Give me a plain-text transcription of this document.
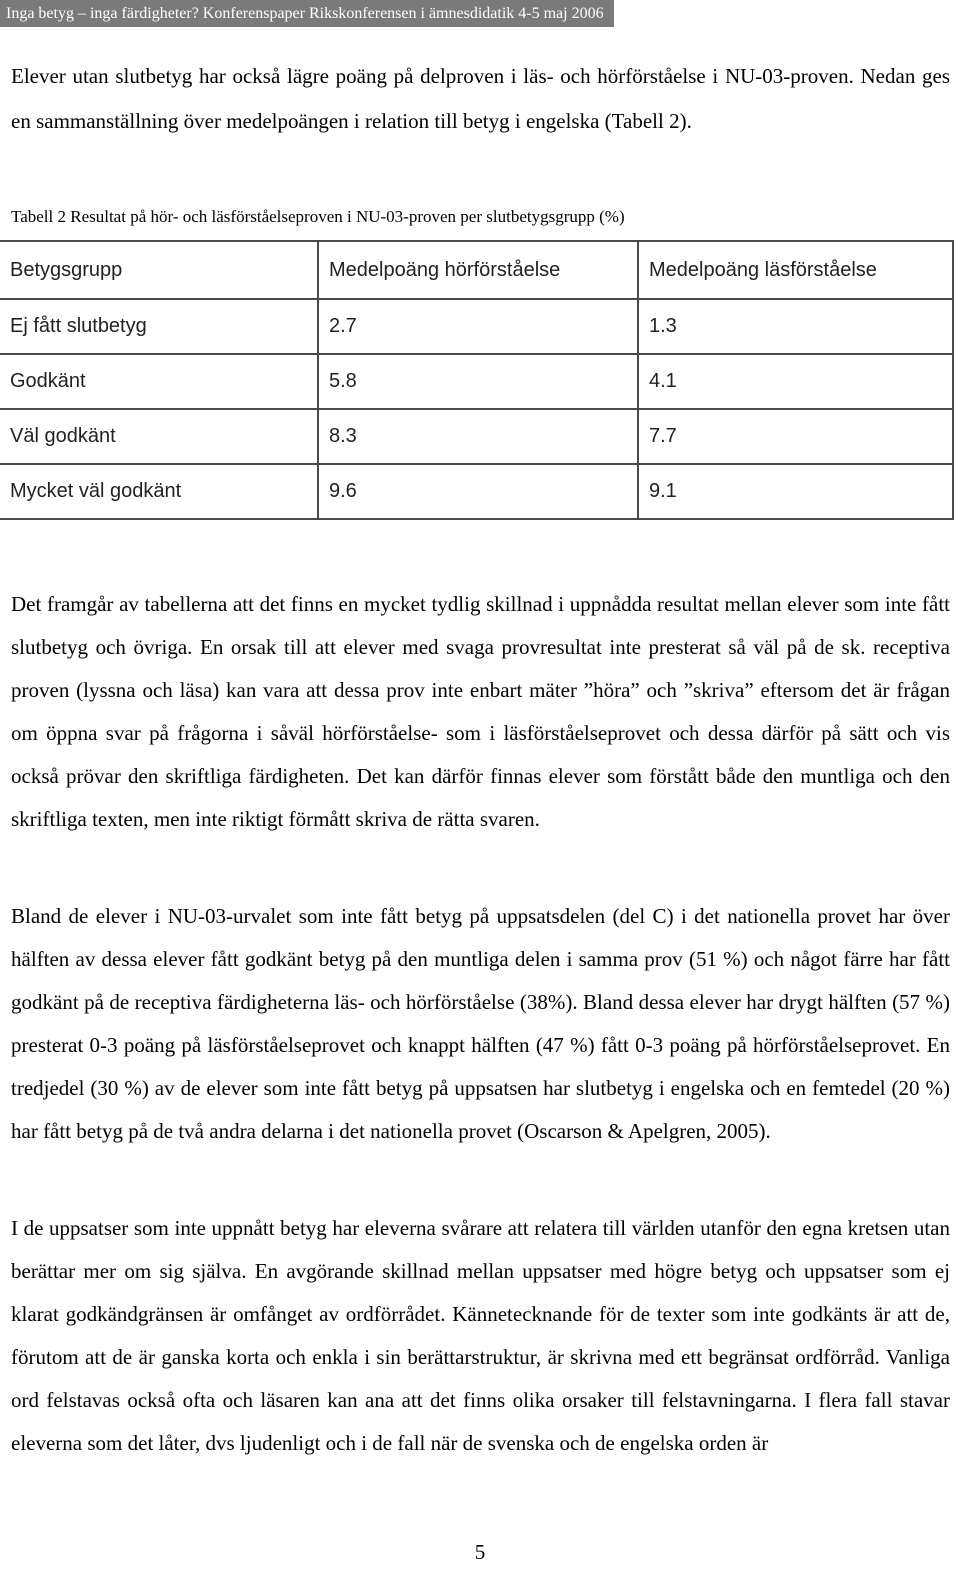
Inga betyg – inga färdigheter? Konferenspaper Rikskonferensen i ämnesdidatik 4-5 maj 2006

Elever utan slutbetyg har också lägre poäng på delproven i läs- och hörförståelse i NU-03-proven. Nedan ges en sammanställning över medelpoängen i relation till betyg i engelska (Tabell 2).

Tabell 2 Resultat på hör- och läsförståelseproven i NU-03-proven per slutbetygsgrupp (%)
Betygsgrupp	Medelpoäng hörförståelse	Medelpoäng läsförståelse
Ej fått slutbetyg	2.7	1.3
Godkänt	5.8	4.1
Väl godkänt	8.3	7.7
Mycket väl godkänt	9.6	9.1

Det framgår av tabellerna att det finns en mycket tydlig skillnad i uppnådda resultat mellan elever som inte fått slutbetyg och övriga. En orsak till att elever med svaga provresultat inte presterat så väl på de sk. receptiva proven (lyssna och läsa) kan vara att dessa prov inte enbart mäter ”höra” och ”skriva” eftersom det är frågan om öppna svar på frågorna i såväl hörförståelse- som i läsförståelseprovet och dessa därför på sätt och vis också prövar den skriftliga färdigheten. Det kan därför finnas elever som förstått både den muntliga och den skriftliga texten, men inte riktigt förmått skriva de rätta svaren.

Bland de elever i NU-03-urvalet som inte fått betyg på uppsatsdelen (del C) i det nationella provet har över hälften av dessa elever fått godkänt betyg på den muntliga delen i samma prov (51 %) och något färre har fått godkänt på de receptiva färdigheterna läs- och hörförståelse (38%). Bland dessa elever har drygt hälften (57 %) presterat 0-3 poäng på läsförståelseprovet och knappt hälften (47 %) fått 0-3 poäng på hörförståelseprovet. En tredjedel (30 %) av de elever som inte fått betyg på uppsatsen har slutbetyg i engelska och en femtedel (20 %) har fått betyg på de två andra delarna i det nationella provet (Oscarson & Apelgren, 2005).

I de uppsatser som inte uppnått betyg har eleverna svårare att relatera till världen utanför den egna kretsen utan berättar mer om sig själva. En avgörande skillnad mellan uppsatser med högre betyg och uppsatser som ej klarat godkändgränsen är omfånget av ordförrådet. Kännetecknande för de texter som inte godkänts är att de, förutom att de är ganska korta och enkla i sin berättarstruktur, är skrivna med ett begränsat ordförråd. Vanliga ord felstavas också ofta och läsaren kan ana att det finns olika orsaker till felstavningarna. I flera fall stavar eleverna som det låter, dvs ljudenligt och i de fall när de svenska och de engelska orden är

5
